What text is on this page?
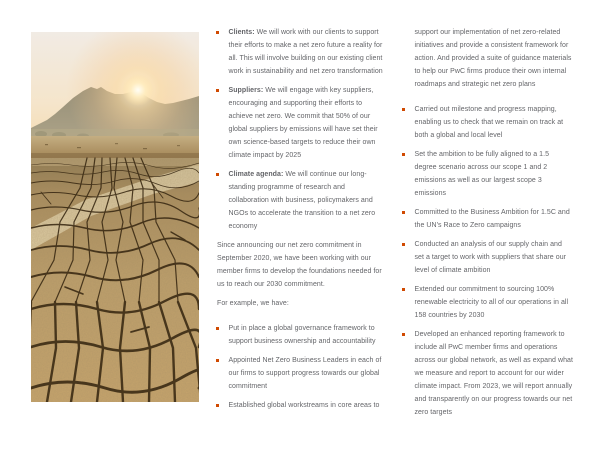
Clients: We will work with our clients to support their efforts to make a net zero future a reality for all. This will involve building on our existing client work in sustainability and net zero transformation

Suppliers: We will engage with key suppliers, encouraging and supporting their efforts to achieve net zero. We commit that 50% of our global suppliers by emissions will have set their own science-based targets to reduce their own climate impact by 2025

Climate agenda: We will continue our long-standing programme of research and collaboration with business, policymakers and NGOs to accelerate the transition to a net zero economy

Since announcing our net zero commitment in September 2020, we have been working with our member firms to develop the foundations needed for us to reach our 2030 commitment.

For example, we have:

Put in place a global governance framework to support business ownership and accountability

Appointed Net Zero Business Leaders in each of our firms to support progress towards our global commitment

Established global workstreams in core areas to

support our implementation of net zero-related initiatives and provide a consistent framework for action. And provided a suite of guidance materials to help our PwC firms produce their own internal roadmaps and strategic net zero plans

Carried out milestone and progress mapping, enabling us to check that we remain on track at both a global and local level

Set the ambition to be fully aligned to a 1.5 degree scenario across our scope 1 and 2 emissions as well as our largest scope 3 emissions

Committed to the Business Ambition for 1.5C and the UN's Race to Zero campaigns

Conducted an analysis of our supply chain and set a target to work with suppliers that share our level of climate ambition

Extended our commitment to sourcing 100% renewable electricity to all of our operations in all 158 countries by 2030

Developed an enhanced reporting framework to include all PwC member firms and operations across our global network, as well as expand what we measure and report to account for our wider climate impact. From 2023, we will report annually and transparently on our progress towards our net zero targets
